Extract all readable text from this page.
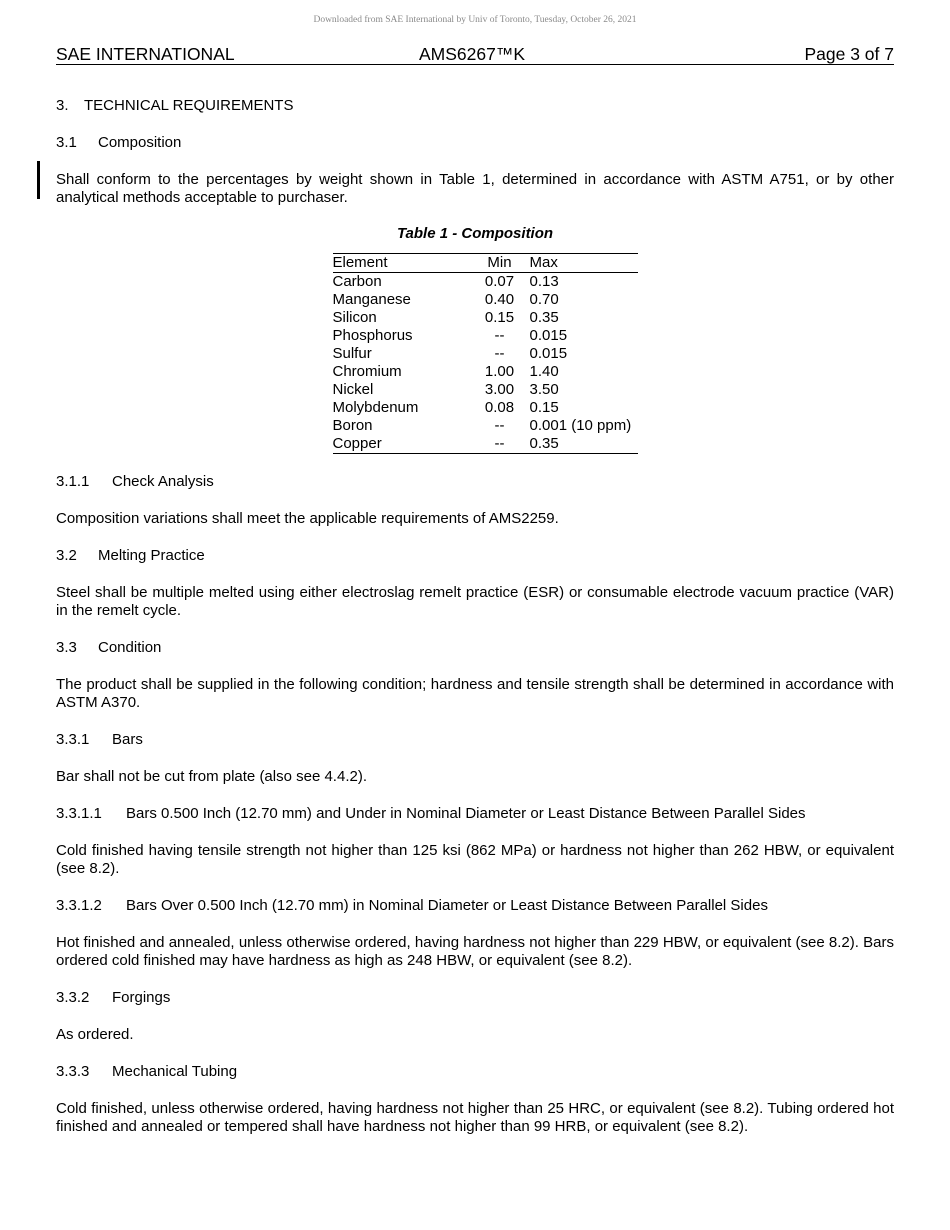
Downloaded from SAE International by Univ of Toronto, Tuesday, October 26, 2021
SAE INTERNATIONAL	AMS6267™K	Page 3 of 7
3.	TECHNICAL REQUIREMENTS
3.1	Composition

Shall conform to the percentages by weight shown in Table 1, determined in accordance with ASTM A751, or by other analytical methods acceptable to purchaser.

Table 1 - Composition

Element	Min	Max
Carbon	0.07	0.13
Manganese	0.40	0.70
Silicon	0.15	0.35
Phosphorus	--	0.015
Sulfur	--	0.015
Chromium	1.00	1.40
Nickel	3.00	3.50
Molybdenum	0.08	0.15
Boron	--	0.001 (10 ppm)
Copper	--	0.35
3.1.1	Check Analysis

Composition variations shall meet the applicable requirements of AMS2259.

3.2	Melting Practice

Steel shall be multiple melted using either electroslag remelt practice (ESR) or consumable electrode vacuum practice (VAR) in the remelt cycle.

3.3	Condition

The product shall be supplied in the following condition; hardness and tensile strength shall be determined in accordance with ASTM A370.

3.3.1	Bars

Bar shall not be cut from plate (also see 4.4.2).

3.3.1.1	Bars 0.500 Inch (12.70 mm) and Under in Nominal Diameter or Least Distance Between Parallel Sides

Cold finished having tensile strength not higher than 125 ksi (862 MPa) or hardness not higher than 262 HBW, or equivalent (see 8.2).

3.3.1.2	Bars Over 0.500 Inch (12.70 mm) in Nominal Diameter or Least Distance Between Parallel Sides

Hot finished and annealed, unless otherwise ordered, having hardness not higher than 229 HBW, or equivalent (see 8.2). Bars ordered cold finished may have hardness as high as 248 HBW, or equivalent (see 8.2).

3.3.2	Forgings

As ordered.

3.3.3	Mechanical Tubing

Cold finished, unless otherwise ordered, having hardness not higher than 25 HRC, or equivalent (see 8.2). Tubing ordered hot finished and annealed or tempered shall have hardness not higher than 99 HRB, or equivalent (see 8.2).
